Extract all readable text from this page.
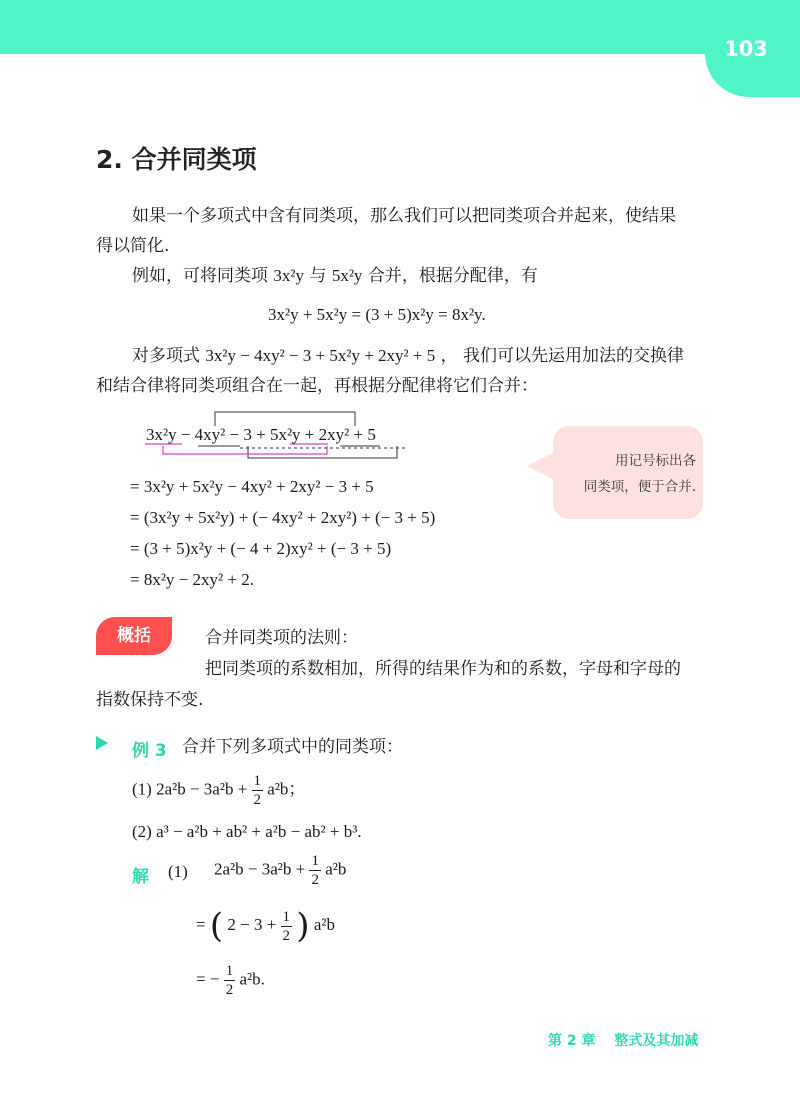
103
2. 合并同类项
如果一个多项式中含有同类项，那么我们可以把同类项合并起来，使结果
得以简化.
例如，可将同类项 3x²y 与 5x²y 合并，根据分配律，有
3x²y + 5x²y = (3 + 5)x²y = 8x²y.
对多项式 3x²y − 4xy² − 3 + 5x²y + 2xy² + 5 ， 我们可以先运用加法的交换律
和结合律将同类项组合在一起，再根据分配律将它们合并：
3x²y − 4xy² − 3 + 5x²y + 2xy² + 5
= 3x²y + 5x²y − 4xy² + 2xy² − 3 + 5
= (3x²y + 5x²y) + (− 4xy² + 2xy²) + (− 3 + 5)
= (3 + 5)x²y + (− 4 + 2)xy² + (− 3 + 5)
= 8x²y − 2xy² + 2.
用记号标出各
同类项，便于合并.
概括	合并同类项的法则：
把同类项的系数相加，所得的结果作为和的系数，字母和字母的
指数保持不变.
例 3 合并下列多项式中的同类项：
(1) $2a^2b - 3a^2b + \frac{1}{2} a^2b$；
(2) a³ − a²b + ab² + a²b − ab² + b³.
解 (1) $2a^2b - 3a^2b + \frac{1}{2} a^2b$
= ( $2 - 3 + \frac{1}{2}$ ) a²b
= − $\frac{1}{2} a^2b$.
第 2 章 整式及其加减
